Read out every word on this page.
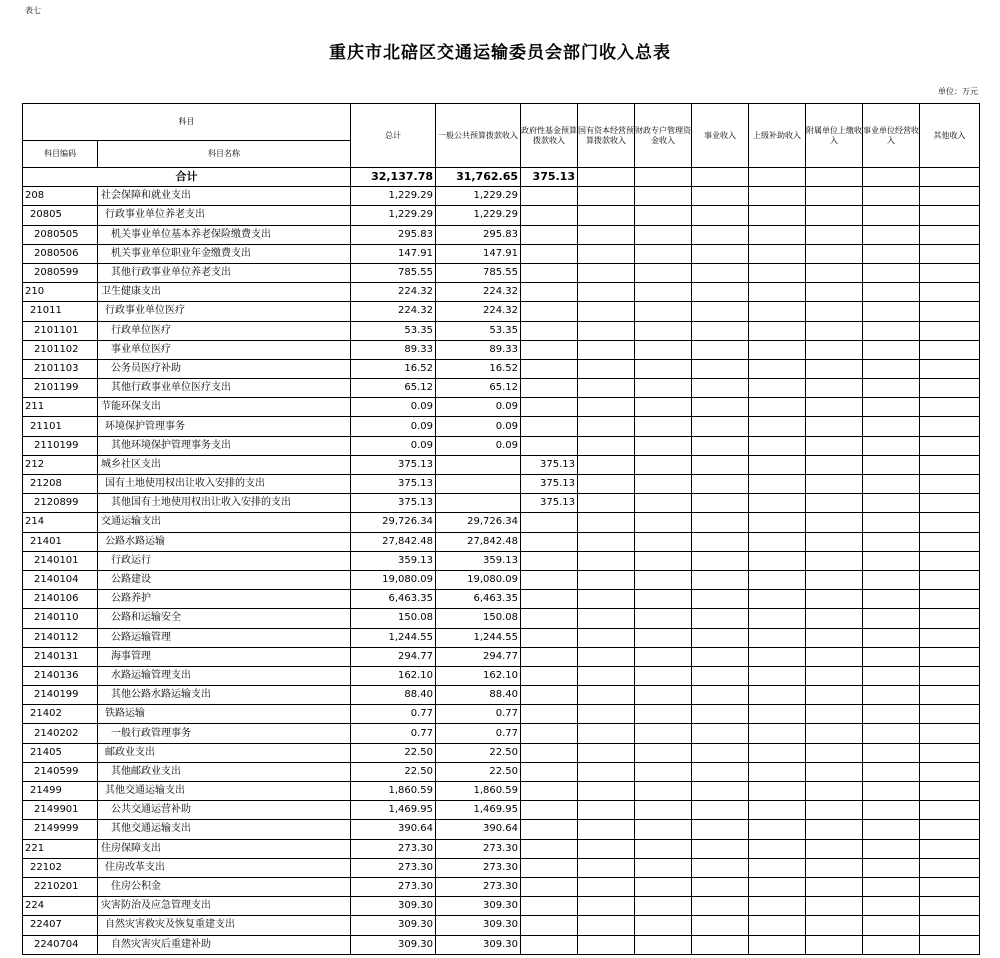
表七
重庆市北碚区交通运输委员会部门收入总表
单位：万元
科目		总计	一般公共预算拨款收入	政府性基金预算拨款收入	国有资本经营预算拨款收入	财政专户管理资金收入	事业收入	上级补助收入	附属单位上缴收入	事业单位经营收入	其他收入
科目编码	科目名称										
合计		32,137.78	31,762.65	375.13							
208	社会保障和就业支出	1,229.29	1,229.29								
20805	行政事业单位养老支出	1,229.29	1,229.29								
2080505	机关事业单位基本养老保险缴费支出	295.83	295.83								
2080506	机关事业单位职业年金缴费支出	147.91	147.91								
2080599	其他行政事业单位养老支出	785.55	785.55								
210	卫生健康支出	224.32	224.32								
21011	行政事业单位医疗	224.32	224.32								
2101101	行政单位医疗	53.35	53.35								
2101102	事业单位医疗	89.33	89.33								
2101103	公务员医疗补助	16.52	16.52								
2101199	其他行政事业单位医疗支出	65.12	65.12								
211	节能环保支出	0.09	0.09								
21101	环境保护管理事务	0.09	0.09								
2110199	其他环境保护管理事务支出	0.09	0.09								
212	城乡社区支出	375.13		375.13							
21208	国有土地使用权出让收入安排的支出	375.13		375.13							
2120899	其他国有土地使用权出让收入安排的支出	375.13		375.13							
214	交通运输支出	29,726.34	29,726.34								
21401	公路水路运输	27,842.48	27,842.48								
2140101	行政运行	359.13	359.13								
2140104	公路建设	19,080.09	19,080.09								
2140106	公路养护	6,463.35	6,463.35								
2140110	公路和运输安全	150.08	150.08								
2140112	公路运输管理	1,244.55	1,244.55								
2140131	海事管理	294.77	294.77								
2140136	水路运输管理支出	162.10	162.10								
2140199	其他公路水路运输支出	88.40	88.40								
21402	铁路运输	0.77	0.77								
2140202	一般行政管理事务	0.77	0.77								
21405	邮政业支出	22.50	22.50								
2140599	其他邮政业支出	22.50	22.50								
21499	其他交通运输支出	1,860.59	1,860.59								
2149901	公共交通运营补助	1,469.95	1,469.95								
2149999	其他交通运输支出	390.64	390.64								
221	住房保障支出	273.30	273.30								
22102	住房改革支出	273.30	273.30								
2210201	住房公积金	273.30	273.30								
224	灾害防治及应急管理支出	309.30	309.30								
22407	自然灾害救灾及恢复重建支出	309.30	309.30								
2240704	自然灾害灾后重建补助	309.30	309.30								
